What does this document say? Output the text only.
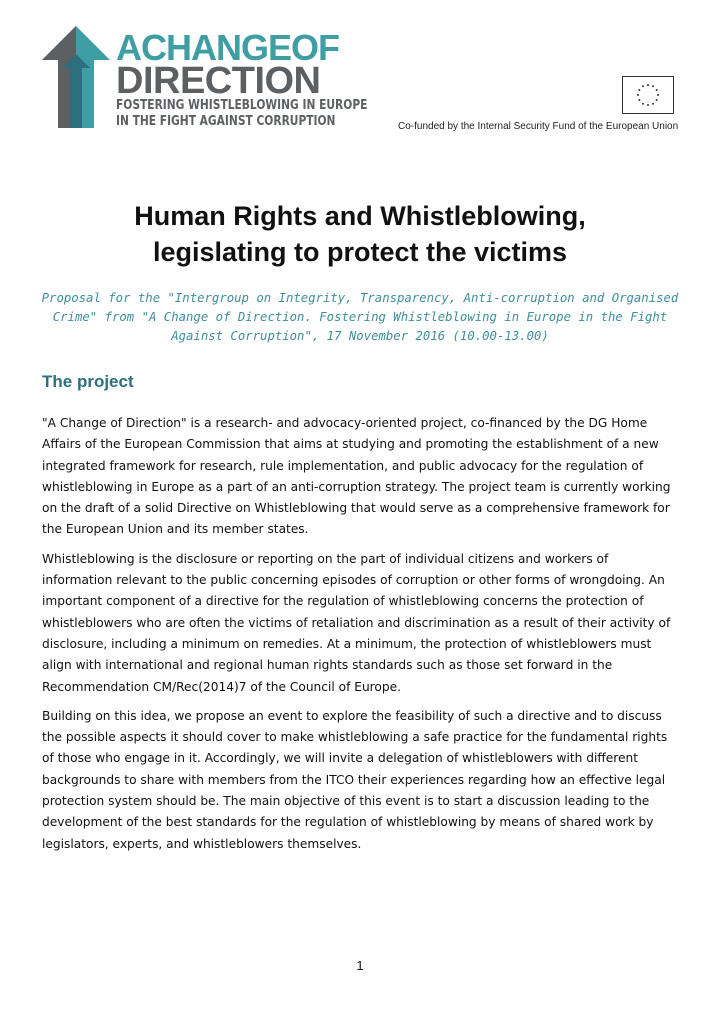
ACHANGEOF
DIRECTION
FOSTERING WHISTLEBLOWING IN EUROPE
IN THE FIGHT AGAINST CORRUPTION	Co-funded by the Internal Security Fund of the European Union
Human Rights and Whistleblowing,
legislating to protect the victims
Proposal for the "Intergroup on Integrity, Transparency, Anti-corruption and Organised Crime" from "A Change of Direction. Fostering Whistleblowing in Europe in the Fight Against Corruption", 17 November 2016 (10.00-13.00)
The project

"A Change of Direction" is a research- and advocacy-oriented project, co-financed by the DG Home Affairs of the European Commission that aims at studying and promoting the establishment of a new integrated framework for research, rule implementation, and public advocacy for the regulation of whistleblowing in Europe as a part of an anti-corruption strategy. The project team is currently working on the draft of a solid Directive on Whistleblowing that would serve as a comprehensive framework for the European Union and its member states.

Whistleblowing is the disclosure or reporting on the part of individual citizens and workers of information relevant to the public concerning episodes of corruption or other forms of wrongdoing. An important component of a directive for the regulation of whistleblowing concerns the protection of whistleblowers who are often the victims of retaliation and discrimination as a result of their activity of disclosure, including a minimum on remedies. At a minimum, the protection of whistleblowers must align with international and regional human rights standards such as those set forward in the Recommendation CM/Rec(2014)7 of the Council of Europe.

Building on this idea, we propose an event to explore the feasibility of such a directive and to discuss the possible aspects it should cover to make whistleblowing a safe practice for the fundamental rights of those who engage in it. Accordingly, we will invite a delegation of whistleblowers with different backgrounds to share with members from the ITCO their experiences regarding how an effective legal protection system should be. The main objective of this event is to start a discussion leading to the development of the best standards for the regulation of whistleblowing by means of shared work by legislators, experts, and whistleblowers themselves.

1
